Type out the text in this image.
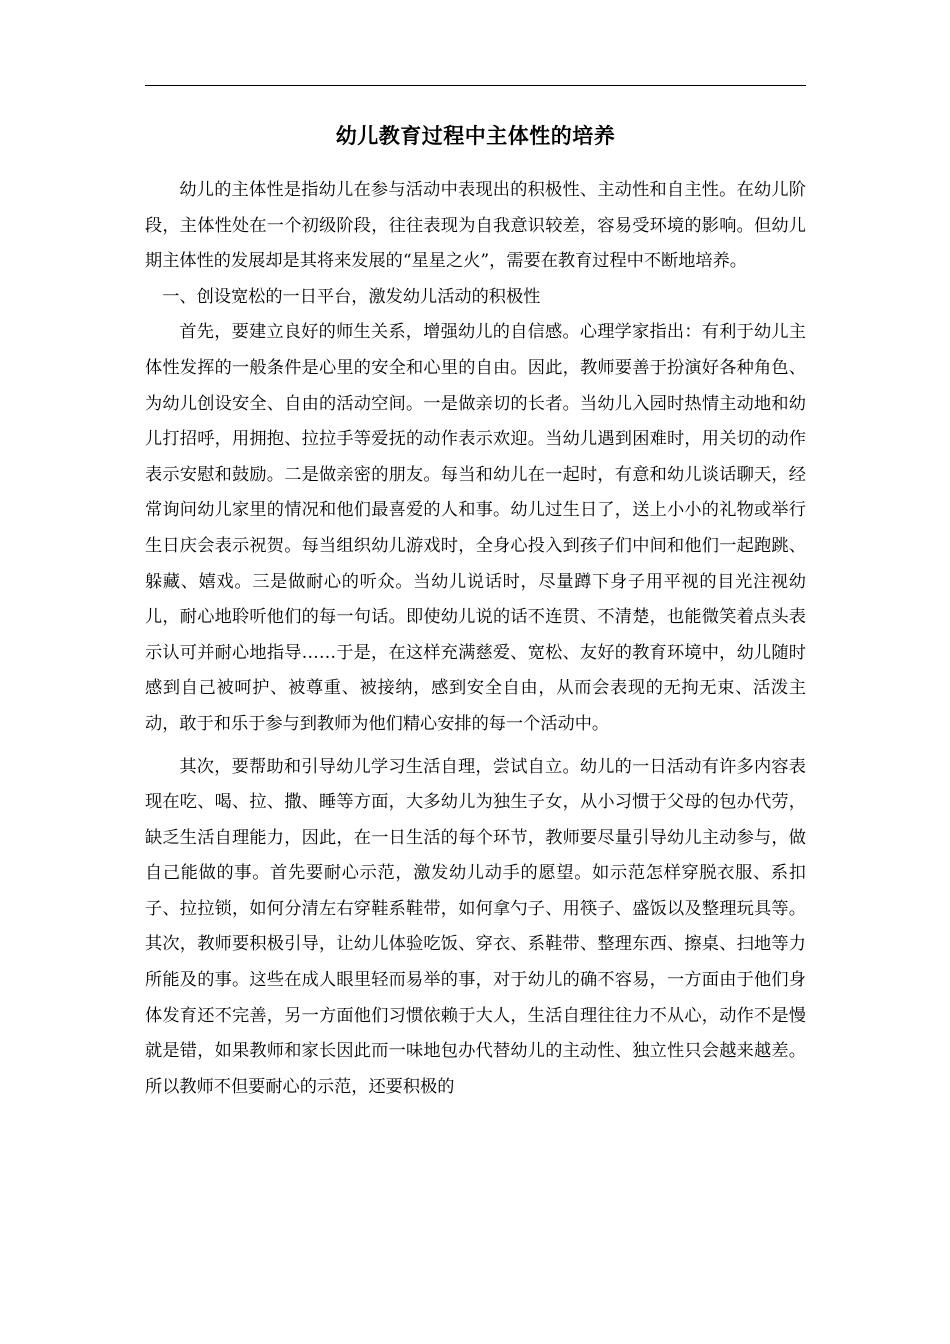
幼儿教育过程中主体性的培养

幼儿的主体性是指幼儿在参与活动中表现出的积极性、主动性和自主性。在幼儿阶段，主体性处在一个初级阶段，往往表现为自我意识较差，容易受环境的影响。但幼儿期主体性的发展却是其将来发展的“星星之火”，需要在教育过程中不断地培养。

一、创设宽松的一日平台，激发幼儿活动的积极性

首先，要建立良好的师生关系，增强幼儿的自信感。心理学家指出：有利于幼儿主体性发挥的一般条件是心里的安全和心里的自由。因此，教师要善于扮演好各种角色、为幼儿创设安全、自由的活动空间。一是做亲切的长者。当幼儿入园时热情主动地和幼儿打招呼，用拥抱、拉拉手等爱抚的动作表示欢迎。当幼儿遇到困难时，用关切的动作表示安慰和鼓励。二是做亲密的朋友。每当和幼儿在一起时，有意和幼儿谈话聊天，经常询问幼儿家里的情况和他们最喜爱的人和事。幼儿过生日了，送上小小的礼物或举行生日庆会表示祝贺。每当组织幼儿游戏时，全身心投入到孩子们中间和他们一起跑跳、躲藏、嬉戏。三是做耐心的听众。当幼儿说话时，尽量蹲下身子用平视的目光注视幼儿，耐心地聆听他们的每一句话。即使幼儿说的话不连贯、不清楚，也能微笑着点头表示认可并耐心地指导……于是，在这样充满慈爱、宽松、友好的教育环境中，幼儿随时感到自己被呵护、被尊重、被接纳，感到安全自由，从而会表现的无拘无束、活泼主动，敢于和乐于参与到教师为他们精心安排的每一个活动中。

其次，要帮助和引导幼儿学习生活自理，尝试自立。幼儿的一日活动有许多内容表现在吃、喝、拉、撒、睡等方面，大多幼儿为独生子女，从小习惯于父母的包办代劳，缺乏生活自理能力，因此，在一日生活的每个环节，教师要尽量引导幼儿主动参与，做自己能做的事。首先要耐心示范，激发幼儿动手的愿望。如示范怎样穿脱衣服、系扣子、拉拉锁，如何分清左右穿鞋系鞋带，如何拿勺子、用筷子、盛饭以及整理玩具等。其次，教师要积极引导，让幼儿体验吃饭、穿衣、系鞋带、整理东西、擦桌、扫地等力所能及的事。这些在成人眼里轻而易举的事，对于幼儿的确不容易，一方面由于他们身体发育还不完善，另一方面他们习惯依赖于大人，生活自理往往力不从心，动作不是慢就是错，如果教师和家长因此而一味地包办代替幼儿的主动性、独立性只会越来越差。所以教师不但要耐心的示范，还要积极的
